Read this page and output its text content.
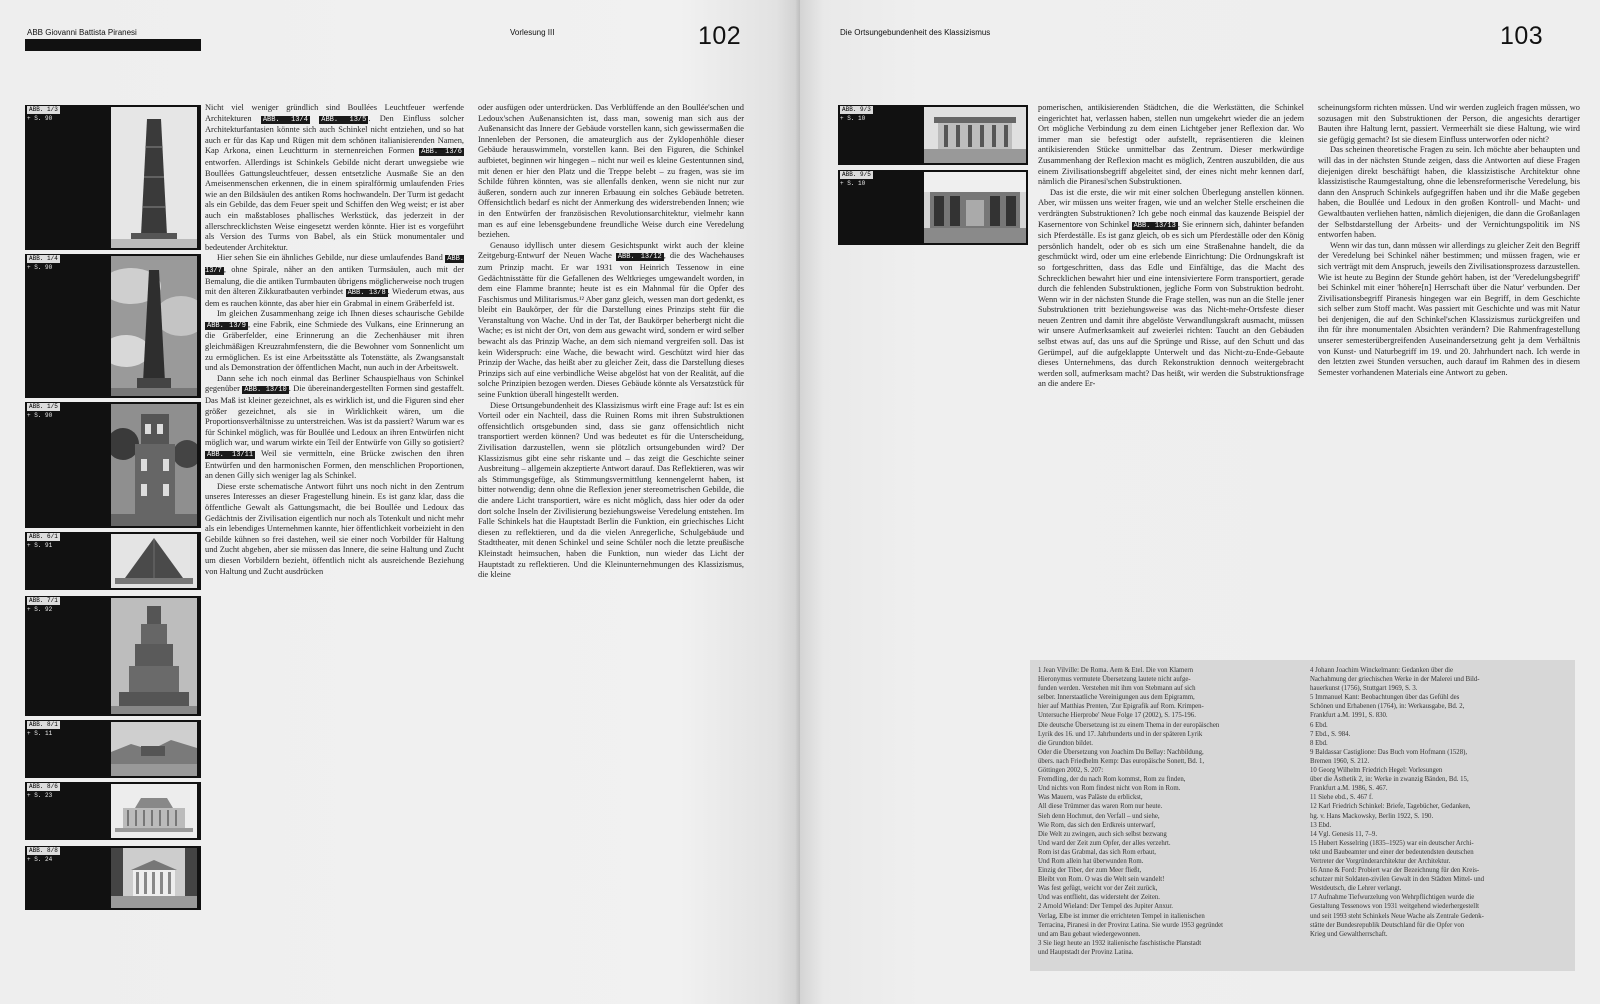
ABB Giovanni Battista Piranesi	Vorlesung III	102
ABB. 1/3
+ S. 90
ABB. 1/4
+ S. 90
ABB. 1/5
+ S. 90
ABB. 6/1
+ S. 91
ABB. 7/1
+ S. 92
ABB. 8/1
+ S. 11
ABB. 8/6
+ S. 23
ABB. 8/8
+ S. 24

Nicht viel weniger gründlich sind Boullées Leuchtfeuer werfende Architekturen ABB. 13/4 ABB. 13/5 . Den Einfluss solcher Architekturfantasien könnte sich auch Schinkel nicht entziehen, und so hat auch er für das Kap und Rügen mit dem schönen italianisierenden Namen, Kap Arkona, einen Leuchtturm in sternenreichen Formen ABB. 13/6 entworfen. Allerdings ist Schinkels Gebilde nicht derart unwegsiebe wie Boullées Gattungsleuchtfeuer, dessen entsetzliche Ausmaße Sie an den Ameisenmenschen erkennen, die in einem spiralförmig umlaufenden Fries wie an den Bildsäulen des antiken Roms hochwandeln. Der Turm ist gedacht als ein Gebilde, das dem Feuer speit und Schiffen den Weg weist; er ist aber auch ein maßstabloses phallisches Werkstück, das jederzeit in der allerschrecklichsten Weise eingesetzt werden könnte. Hier ist es vorgeführt als Version des Turms von Babel, als ein Stück monumentaler und bedeutender Architektur.

Hier sehen Sie ein ähnliches Gebilde, nur diese umlaufendes Band ABB. 13/7 , ohne Spirale, näher an den antiken Turmsäulen, auch mit der Bemalung, die die antiken Turmbauten übrigens möglicherweise noch trugen mit den älteren Zikkuratbauten verbindet ABB. 13/8 . Wiederum etwas, aus dem es rauchen könnte, das aber hier ein Grabmal in einem Gräberfeld ist.

Im gleichen Zusammenhang zeige ich Ihnen dieses schaurische Gebilde ABB. 13/9 , eine Fabrik, eine Schmiede des Vulkans, eine Erinnerung an die Gräberfelder, eine Erinnerung an die Zechenhäuser mit ihren gleichmäßigen Kreuzrahmfenstern, die die Bewohner vom Sonnenlicht um zu ermöglichen. Es ist eine Arbeitsstätte als Totenstätte, als Zwangsanstalt und als Demonstration der öffentlichen Macht, nun auch in der Arbeitswelt.

Dann sehe ich noch einmal das Berliner Schauspielhaus von Schinkel gegenüber ABB. 13/10 . Die übereinandergestellten Formen sind gestaffelt. Das Maß ist kleiner gezeichnet, als es wirklich ist, und die Figuren sind eher größer gezeichnet, als sie in Wirklichkeit wären, um die Proportionsverhältnisse zu unterstreichen. Was ist da passiert? Warum war es für Schinkel möglich, was für Boullée und Ledoux an ihren Entwürfen nicht möglich war, und warum wirkte ein Teil der Entwürfe von Gilly so gotisiert? ABB. 13/11 Weil sie vermitteln, eine Brücke zwischen den ihren Entwürfen und den harmonischen Formen, den menschlichen Proportionen, an denen Gilly sich weniger lag als Schinkel.

Diese erste schematische Antwort führt uns noch nicht in den Zentrum unseres Interesses an dieser Fragestellung hinein. Es ist ganz klar, dass die öffentliche Gewalt als Gattungsmacht, die bei Boullée und Ledoux das Gedächtnis der Zivilisation eigentlich nur noch als Totenkult und nicht mehr als ein lebendiges Unternehmen kannte, hier öffentlichkeit vorbeizieht in den Gebilde kühnen so frei dastehen, weil sie einer noch Vorbilder für Haltung und Zucht abgeben, aber sie müssen das Innere, die seine Haltung und Zucht um diesen Vorbildern bezieht, öffentlich nicht als ausreichende Beziehung von Haltung und Zucht ausdrücken

oder ausfügen oder unterdrücken. Das Verblüffende an den Boullée'schen und Ledoux'schen Außenansichten ist, dass man, sowenig man sich aus der Außenansicht das Innere der Gebäude vorstellen kann, sich gewissermaßen die Innenleben der Personen, die amateurglich aus der Zyklopenhöhle dieser Gebäude herauswimmeln, vorstellen kann. Bei den Figuren, die Schinkel aufbietet, beginnen wir hingegen – nicht nur weil es kleine Gestentunnen sind, mit denen er hier den Platz und die Treppe belebt – zu fragen, was sie im Schilde führen könnten, was sie allenfalls denken, wenn sie nicht nur zur äußeren, sondern auch zur inneren Erbauung ein solches Gebäude betreten. Offensichtlich bedarf es nicht der Anmerkung des widerstrebenden Innen; wie in den Entwürfen der französischen Revolutionsarchitektur, vielmehr kann man es auf eine lebensgebundene freundliche Weise durch eine Veredelung beziehen.

Genauso idyllisch unter diesem Gesichtspunkt wirkt auch der kleine Zeitgeburg-Entwurf der Neuen Wache ABB. 13/12 , die des Wachehauses zum Prinzip macht. Er war 1931 von Heinrich Tessenow in eine Gedächtnisstätte für die Gefallenen des Weltkrieges umgewandelt worden, in dem eine Flamme brannte; heute ist es ein Mahnmal für die Opfer des Faschismus und Militarismus.¹² Aber ganz gleich, wessen man dort gedenkt, es bleibt ein Baukörper, der für die Darstellung eines Prinzips steht für die Veranstaltung von Wache. Und in der Tat, der Baukörper beherbergt nicht die Wache; es ist nicht der Ort, von dem aus gewacht wird, sondern er wird selber bewacht als das Prinzip Wache, an dem sich niemand vergreifen soll. Das ist kein Widerspruch: eine Wache, die bewacht wird. Geschützt wird hier das Prinzip der Wache, das heißt aber zu gleicher Zeit, dass die Darstellung dieses Prinzips sich auf eine verbindliche Weise abgelöst hat von der Realität, auf die solche Prinzipien bezogen werden. Dieses Gebäude könnte als Versatzstück für seine Funktion überall hingestellt werden.

Diese Ortsungebundenheit des Klassizismus wirft eine Frage auf: Ist es ein Vorteil oder ein Nachteil, dass die Ruinen Roms mit ihren Substruktionen offensichtlich ortsgebunden sind, dass sie ganz offensichtlich nicht transportiert werden können? Und was bedeutet es für die Unterscheidung, Zivilisation darzustellen, wenn sie plötzlich ortsungebunden wird? Der Klassizismus gibt eine sehr riskante und – das zeigt die Geschichte seiner Ausbreitung – allgemein akzeptierte Antwort darauf. Das Reflektieren, was wir als Stimmungsgefüge, als Stimmungsvermittlung kennengelernt haben, ist bitter notwendig; denn ohne die Reflexion jener stereometrischen Gebilde, die die andere Licht transportiert, wäre es nicht möglich, dass hier oder da oder dort solche Inseln der Zivilisierung beziehungsweise Veredelung entstehen. Im Falle Schinkels hat die Hauptstadt Berlin die Funktion, ein griechisches Licht diesen zu reflektieren, und da die vielen Anregerliche, Schulgebäude und Stadttheater, mit denen Schinkel und seine Schüler noch die letzte preußische Kleinstadt heimsuchen, haben die Funktion, nun wieder das Licht der Hauptstadt zu reflektieren. Und die Kleinunternehmungen des Klassizismus, die kleine

Die Ortsungebundenheit des Klassizismus	103
ABB. 9/3
+ S. 10
ABB. 9/5
+ S. 10

pomerischen, antikisierenden Städtchen, die die Werkstätten, die Schinkel eingerichtet hat, verlassen haben, stellen nun umgekehrt wieder die an jedem Ort mögliche Verbindung zu dem einen Lichtgeber jener Reflexion dar. Wo immer man sie befestigt oder aufstellt, repräsentieren die kleinen antikisierenden Stücke unmittelbar das Zentrum. Dieser merkwürdige Zusammenhang der Reflexion macht es möglich, Zentren auszubilden, die aus einem Zivilisationsbegriff abgeleitet sind, der eines nicht mehr kennen darf, nämlich die Piranesi'schen Substruktionen.

Das ist die erste, die wir mit einer solchen Überlegung anstellen können. Aber, wir müssen uns weiter fragen, wie und an welcher Stelle erscheinen die verdrängten Substruktionen? Ich gebe noch einmal das kauzende Beispiel der Kasernentore von Schinkel ABB. 13/13 . Sie erinnern sich, dahinter befanden sich Pferdeställe. Es ist ganz gleich, ob es sich um Pferdeställe oder den König persönlich handelt, oder ob es sich um eine Straßenahne handelt, die da geschmückt wird, oder um eine erlebende Einrichtung: Die Ordnungskraft ist so fortgeschritten, dass das Edle und Einfältige, das die Macht des Schrecklichen bewahrt hier und eine intensiviertere Form transportiert, gerade durch die fehlenden Substruktionen, jegliche Form von Substruktion bedroht. Wenn wir in der nächsten Stunde die Frage stellen, was nun an die Stelle jener Substruktionen tritt beziehungsweise was das Nicht-mehr-Ortsfeste dieser neuen Zentren und damit ihre abgelöste Verwandlungskraft ausmacht, müssen wir unsere Aufmerksamkeit auf zweierlei richten: Taucht an den Gebäuden selbst etwas auf, das uns auf die Sprünge und Risse, auf den Schutt und das Gerümpel, auf die aufgeklappte Unterwelt und das Nicht-zu-Ende-Gebaute dieses Unternehmens, das durch Rekonstruktion dennoch weitergebracht werden soll, aufmerksam macht? Das heißt, wir werden die Substruktionsfrage an die andere Er-

scheinungsform richten müssen. Und wir werden zugleich fragen müssen, wo sozusagen mit den Substruktionen der Person, die angesichts derartiger Bauten ihre Haltung lernt, passiert. Vermeerhält sie diese Haltung, wie wird sie gefügig gemacht? Ist sie diesem Einfluss unterworfen oder nicht?

Das scheinen theoretische Fragen zu sein. Ich möchte aber behaupten und will das in der nächsten Stunde zeigen, dass die Antworten auf diese Fragen diejenigen direkt beschäftigt haben, die klassizistische Architektur ohne klassizistische Raumgestaltung, ohne die lebensreformerische Veredelung, bis dann den Anspruch Schinkels aufgegriffen haben und ihr die Maße gegeben haben, die Boullée und Ledoux in den großen Kontroll- und Macht- und Gewaltbauten verliehen hatten, nämlich diejenigen, die dann die Großanlagen der Selbstdarstellung der Arbeits- und der Vernichtungspolitik im NS entworfen haben.

Wenn wir das tun, dann müssen wir allerdings zu gleicher Zeit den Begriff der Veredelung bei Schinkel näher bestimmen; und müssen fragen, wie er sich verträgt mit dem Anspruch, jeweils den Zivilisationsprozess darzustellen. Wie ist heute zu Beginn der Stunde gehört haben, ist der 'Veredelungsbegriff' bei Schinkel mit einer 'höhere[n] Herrschaft über die Natur' verbunden. Der Zivilisationsbegriff Piranesis hingegen war ein Begriff, in dem Geschichte sich selber zum Stoff macht. Was passiert mit Geschichte und was mit Natur bei denjenigen, die auf den Schinkel'schen Klassizismus zurückgreifen und ihn für ihre monumentalen Absichten verändern? Die Rahmenfragestellung unserer semesterübergreifenden Auseinandersetzung geht ja dem Verhältnis von Kunst- und Naturbegriff im 19. und 20. Jahrhundert nach. Ich werde in den letzten zwei Stunden versuchen, auch darauf im Rahmen des in diesem Semester vorhandenen Materials eine Antwort zu geben.

1 Jean Vilville: De Roma. Aem & Etel. Die von Klamern
Hieronymus vermutete Übersetzung lautete nicht aufge-
funden werden. Verstehen mit ihm von Stebmann auf sich
selber. Innerstaatliche Vereinigungen aus dem Epigramm,
hier auf Matthias Prenten, 'Zur Epigrafik auf Rom. Krimpen-
Untersuche Hierprobe' Neue Folge 17 (2002), S. 175-196.
Die deutsche Übersetzung ist zu einem Thema in der europäischen
Lyrik des 16. und 17. Jahrhunderts und in der späteren Lyrik
die Grundton bildet.
Oder die Übersetzung von Joachim Du Bellay: Nachbildung,
übers. nach Friedhelm Kemp: Das europäische Sonett, Bd. 1,
Göttingen 2002, S. 207:
Fremdling, der du nach Rom kommst, Rom zu finden,
Und nichts von Rom findest nicht von Rom in Rom.
Was Mauern, was Paläste du erblickst,
All diese Trümmer das waren Rom nur heute.
Sieh denn Hochmut, den Verfall – und siehe,
Wie Rom, das sich den Erdkreis unterwarf,
Die Welt zu zwingen, auch sich selbst bezwang
Und ward der Zeit zum Opfer, der alles verzehrt.
Rom ist das Grabmal, das sich Rom erbaut,
Und Rom allein hat überwunden Rom.
Einzig der Tiber, der zum Meer fließt,
Bleibt von Rom. O was die Welt sein wandelt!
Was fest gefügt, weicht vor der Zeit zurück,
Und was entflieht, das widersteht der Zeiten.
2 Arnold Wieland: Der Tempel des Jupiter Anxur.
Verlag, Elbe ist immer die errichteten Tempel in italienischen
Terracina, Piranesi in der Provinz Latina. Sie wurde 1953 gegründet
und am Bau gebaut wiedergewonnen.
3 Sie liegt heute an 1932 italienische faschistische Planstadt
und Hauptstadt der Provinz Latina.
4 Johann Joachim Winckelmann: Gedanken über die
Nachahmung der griechischen Werke in der Malerei und Bild-
hauerkunst (1756), Stuttgart 1969, S. 3.
5 Immanuel Kant: Beobachtungen über das Gefühl des
Schönen und Erhabenen (1764), in: Werkausgabe, Bd. 2,
Frankfurt a.M. 1991, S. 830.
6 Ebd.
7 Ebd., S. 984.
8 Ebd.
9 Baldassar Castiglione: Das Buch vom Hofmann (1528),
Bremen 1960, S. 212.
10 Georg Wilhelm Friedrich Hegel: Vorlesungen
über die Ästhetik 2, in: Werke in zwanzig Bänden, Bd. 15,
Frankfurt a.M. 1986, S. 467.
11 Siehe ebd., S. 467 f.
12 Karl Friedrich Schinkel: Briefe, Tagebücher, Gedanken,
hg. v. Hans Mackowsky, Berlin 1922, S. 190.
13 Ebd.
14 Vgl. Genesis 11, 7–9.
15 Hubert Kesselring (1835–1925) war ein deutscher Archi-
tekt und Baubeamter und einer der bedeutendsten deutschen
Vertreter der Vorgründerarchitektur der Architektur.
16 Anne & Ford: Probiert war der Bezeichnung für den Kreis-
schutzer mit Soldaten-zivilen Gewalt in den Städten Mittel- und
Westdeutsch, die Lehrer verlangt.
17 Aufnahme Tiefwurzelung von Wehrpflichtigen wurde die
Gestaltung Tessenows von 1931 weitgehend wiederhergestellt
und seit 1993 steht Schinkels Neue Wache als Zentrale Gedenk-
stätte der Bundesrepublik Deutschland für die Opfer von
Krieg und Gewaltherrschaft.
